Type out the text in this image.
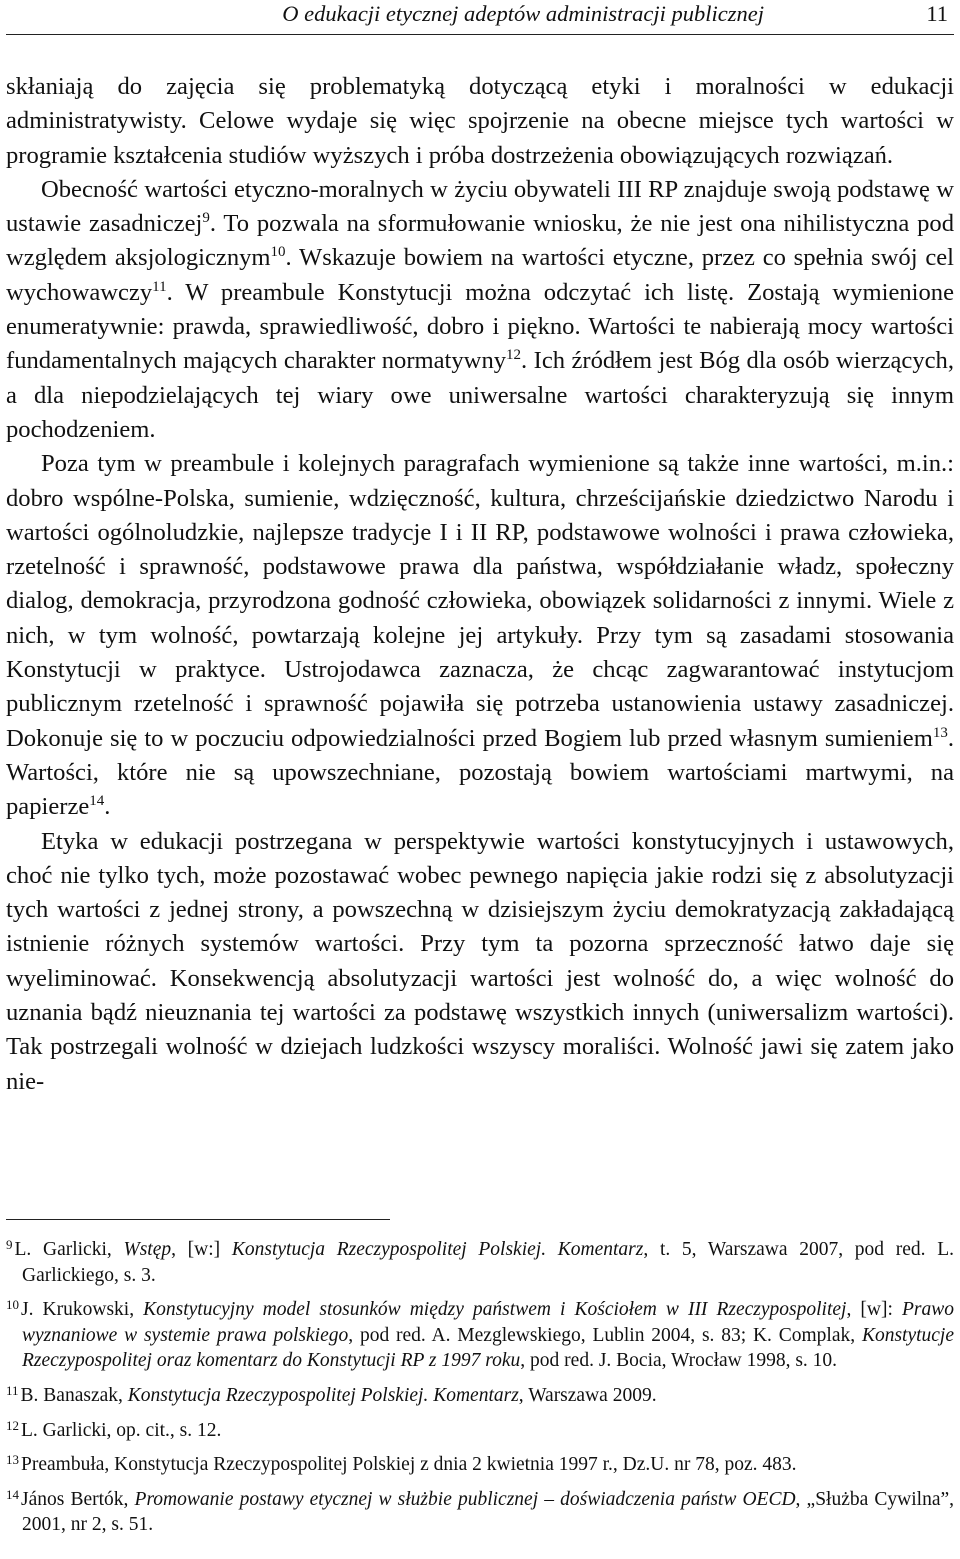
O edukacji etycznej adeptów administracji publicznej	11

skłaniają do zajęcia się problematyką dotyczącą etyki i moralności w edukacji administratywisty. Celowe wydaje się więc spojrzenie na obecne miejsce tych wartości w programie kształcenia studiów wyższych i próba dostrzeżenia obowiązujących rozwiązań.

Obecność wartości etyczno-moralnych w życiu obywateli III RP znajduje swoją podstawę w ustawie zasadniczej$^9$. To pozwala na sformułowanie wniosku, że nie jest ona nihilistyczna pod względem aksjologicznym$^{10}$. Wskazuje bowiem na wartości etyczne, przez co spełnia swój cel wychowawczy$^{11}$. W preambule Konstytucji można odczytać ich listę. Zostają wymienione enumeratywnie: prawda, sprawiedliwość, dobro i piękno. Wartości te nabierają mocy wartości fundamentalnych mających charakter normatywny$^{12}$. Ich źródłem jest Bóg dla osób wierzących, a dla niepodzielających tej wiary owe uniwersalne wartości charakteryzują się innym pochodzeniem.

Poza tym w preambule i kolejnych paragrafach wymienione są także inne wartości, m.in.: dobro wspólne-Polska, sumienie, wdzięczność, kultura, chrześcijańskie dziedzictwo Narodu i wartości ogólnoludzkie, najlepsze tradycje I i II RP, podstawowe wolności i prawa człowieka, rzetelność i sprawność, podstawowe prawa dla państwa, współdziałanie władz, społeczny dialog, demokracja, przyrodzona godność człowieka, obowiązek solidarności z innymi. Wiele z nich, w tym wolność, powtarzają kolejne jej artykuły. Przy tym są zasadami stosowania Konstytucji w praktyce. Ustrojodawca zaznacza, że chcąc zagwarantować instytucjom publicznym rzetelność i sprawność pojawiła się potrzeba ustanowienia ustawy zasadniczej. Dokonuje się to w poczuciu odpowiedzialności przed Bogiem lub przed własnym sumieniem$^{13}$. Wartości, które nie są upowszechniane, pozostają bowiem wartościami martwymi, na papierze$^{14}$.

Etyka w edukacji postrzegana w perspektywie wartości konstytucyjnych i ustawowych, choć nie tylko tych, może pozostawać wobec pewnego napięcia jakie rodzi się z absolutyzacji tych wartości z jednej strony, a powszechną w dzisiejszym życiu demokratyzacją zakładającą istnienie różnych systemów wartości. Przy tym ta pozorna sprzeczność łatwo daje się wyeliminować. Konsekwencją absolutyzacji wartości jest wolność do, a więc wolność do uznania bądź nieuznania tej wartości za podstawę wszystkich innych (uniwersalizm wartości). Tak postrzegali wolność w dziejach ludzkości wszyscy moraliści. Wolność jawi się zatem jako nie-

$^9$ L. Garlicki, Wstęp, [w:] Konstytucja Rzeczypospolitej Polskiej. Komentarz, t. 5, Warszawa 2007, pod red. L. Garlickiego, s. 3.

$^{10}$ J. Krukowski, Konstytucyjny model stosunków między państwem i Kościołem w III Rzeczypospolitej, [w]: Prawo wyznaniowe w systemie prawa polskiego, pod red. A. Mezglewskiego, Lublin 2004, s. 83; K. Complak, Konstytucje Rzeczypospolitej oraz komentarz do Konstytucji RP z 1997 roku, pod red. J. Bocia, Wrocław 1998, s. 10.

$^{11}$ B. Banaszak, Konstytucja Rzeczypospolitej Polskiej. Komentarz, Warszawa 2009.

$^{12}$ L. Garlicki, op. cit., s. 12.

$^{13}$ Preambuła, Konstytucja Rzeczypospolitej Polskiej z dnia 2 kwietnia 1997 r., Dz.U. nr 78, poz. 483.

$^{14}$ János Bertók, Promowanie postawy etycznej w służbie publicznej – doświadczenia państw OECD, „Służba Cywilna”, 2001, nr 2, s. 51.
